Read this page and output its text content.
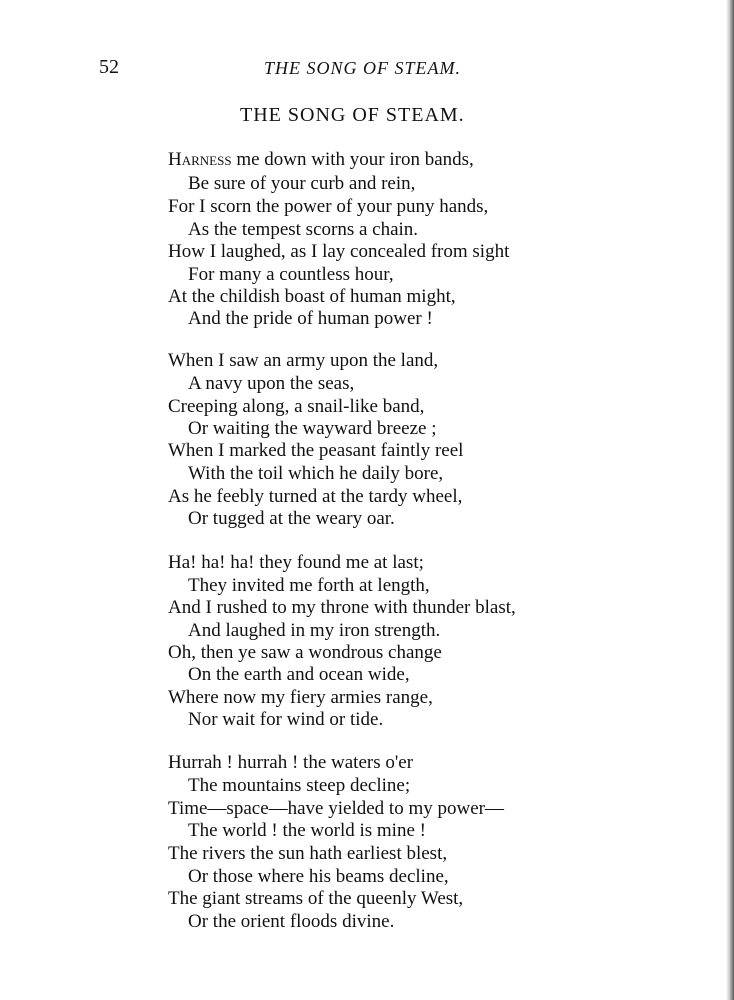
52	THE SONG OF STEAM.
THE SONG OF STEAM.
Harness me down with your iron bands,
Be sure of your curb and rein,
For I scorn the power of your puny hands,
As the tempest scorns a chain.
How I laughed, as I lay concealed from sight
For many a countless hour,
At the childish boast of human might,
And the pride of human power !
When I saw an army upon the land,
A navy upon the seas,
Creeping along, a snail-like band,
Or waiting the wayward breeze ;
When I marked the peasant faintly reel
With the toil which he daily bore,
As he feebly turned at the tardy wheel,
Or tugged at the weary oar.
Ha! ha! ha! they found me at last;
They invited me forth at length,
And I rushed to my throne with thunder blast,
And laughed in my iron strength.
Oh, then ye saw a wondrous change
On the earth and ocean wide,
Where now my fiery armies range,
Nor wait for wind or tide.
Hurrah ! hurrah ! the waters o'er
The mountains steep decline;
Time—space—have yielded to my power—
The world ! the world is mine !
The rivers the sun hath earliest blest,
Or those where his beams decline,
The giant streams of the queenly West,
Or the orient floods divine.
